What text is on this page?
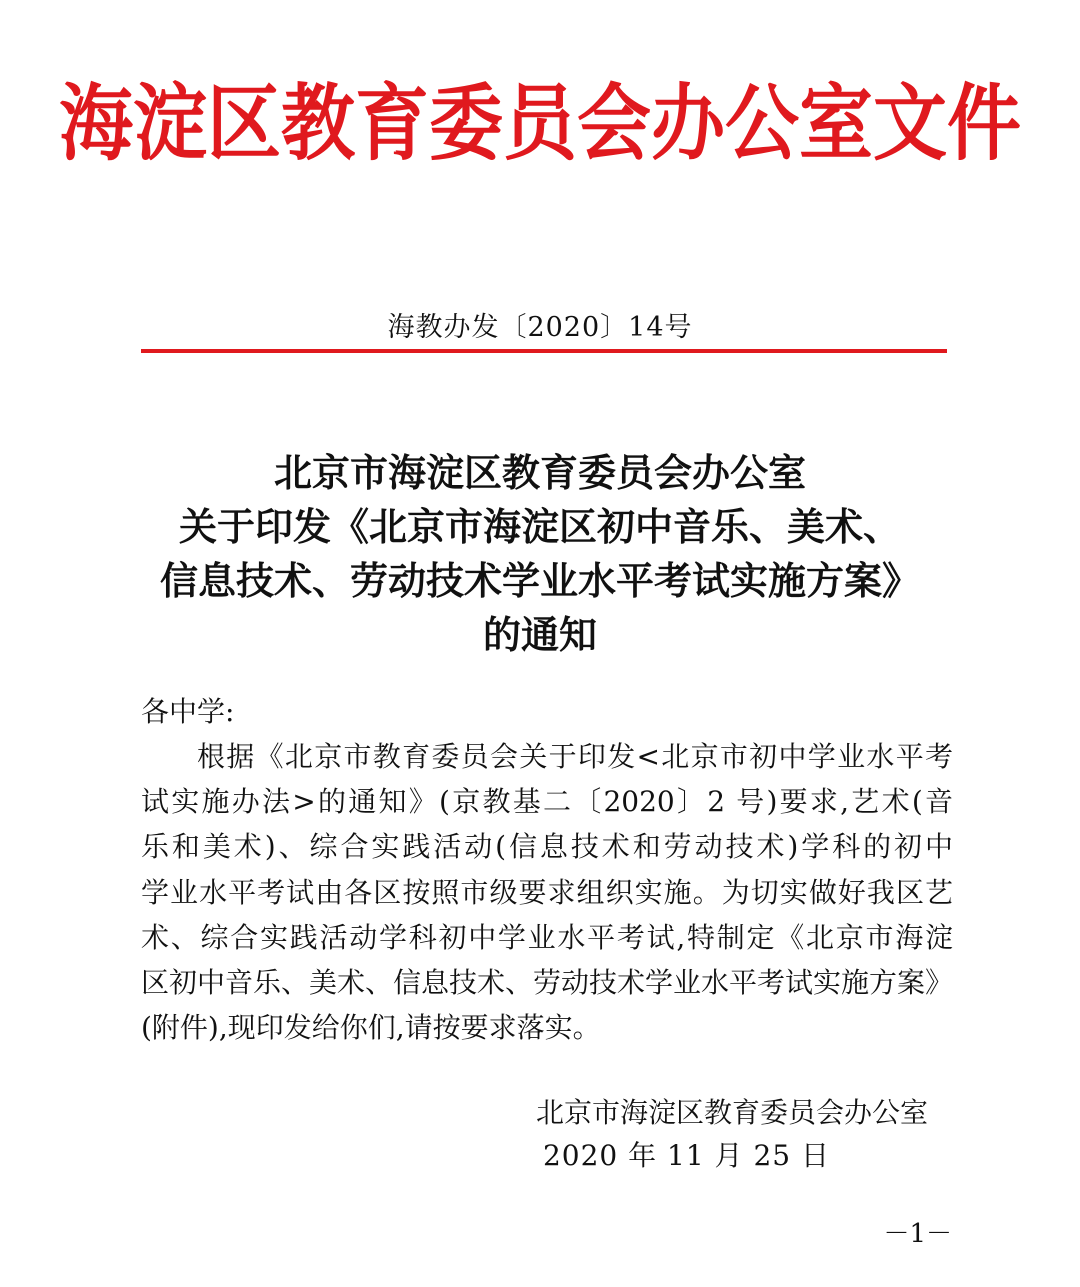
海淀区教育委员会办公室文件
海教办发〔2020〕14号
北京市海淀区教育委员会办公室
关于印发《北京市海淀区初中音乐、美术、
信息技术、劳动技术学业水平考试实施方案》
的通知
各中学:
根据《北京市教育委员会关于印发<北京市初中学业水平考
试实施办法>的通知》(京教基二〔2020〕2 号)要求,艺术(音
乐和美术)、综合实践活动(信息技术和劳动技术)学科的初中
学业水平考试由各区按照市级要求组织实施。为切实做好我区艺
术、综合实践活动学科初中学业水平考试,特制定《北京市海淀
区初中音乐、美术、信息技术、劳动技术学业水平考试实施方案》
(附件),现印发给你们,请按要求落实。
北京市海淀区教育委员会办公室
2020 年 11 月 25 日
－1－
